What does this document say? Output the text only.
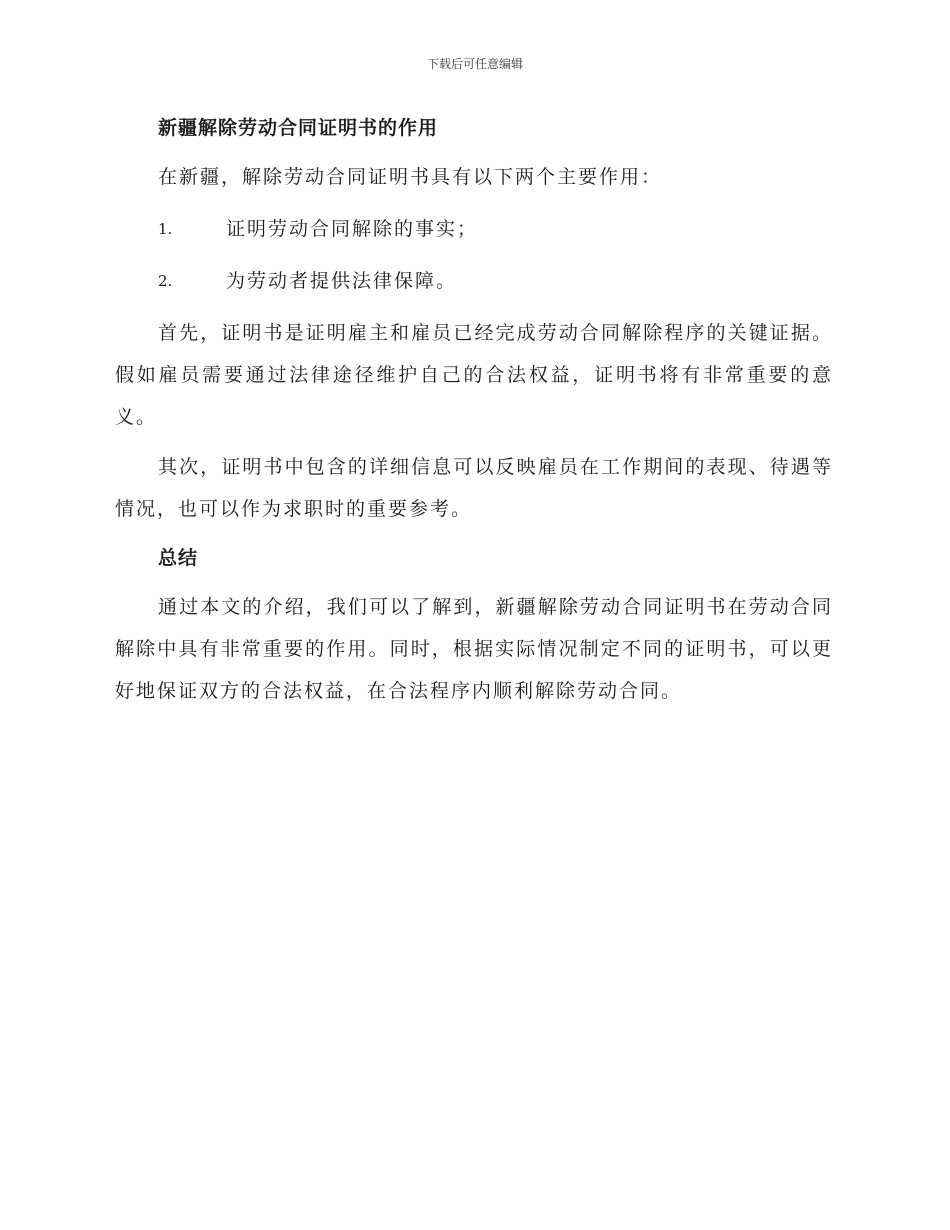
下载后可任意编辑
新疆解除劳动合同证明书的作用

在新疆，解除劳动合同证明书具有以下两个主要作用：

1.	证明劳动合同解除的事实；
2.	为劳动者提供法律保障。

首先，证明书是证明雇主和雇员已经完成劳动合同解除程序的关键证据。假如雇员需要通过法律途径维护自己的合法权益，证明书将有非常重要的意义。

其次，证明书中包含的详细信息可以反映雇员在工作期间的表现、待遇等情况，也可以作为求职时的重要参考。

总结

通过本文的介绍，我们可以了解到，新疆解除劳动合同证明书在劳动合同解除中具有非常重要的作用。同时，根据实际情况制定不同的证明书，可以更好地保证双方的合法权益，在合法程序内顺利解除劳动合同。
